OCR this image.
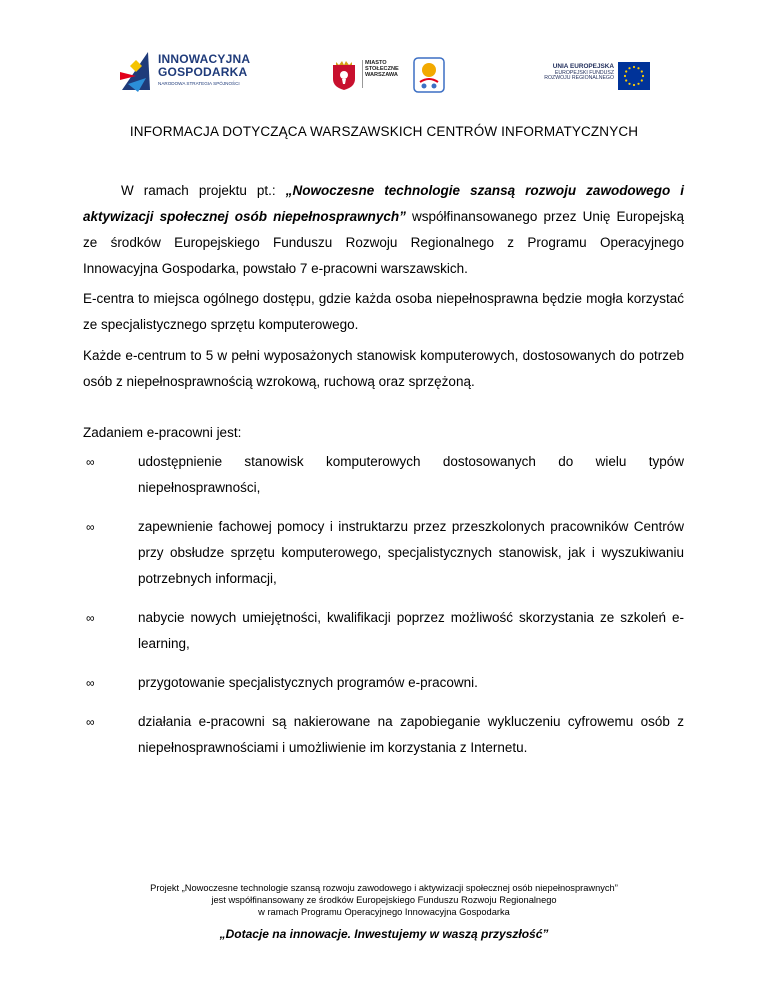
INNOWACYJNA
GOSPODARKA
NARODOWA STRATEGIA SPÓJNOŚCI
MIASTO
STOŁECZNE
WARSZAWA
UNIA EUROPEJSKA
EUROPEJSKI FUNDUSZ
ROZWOJU REGIONALNEGO
INFORMACJA DOTYCZĄCA WARSZAWSKICH CENTRÓW INFORMATYCZNYCH
W ramach projektu pt.: „Nowoczesne technologie szansą rozwoju zawodowego i aktywizacji społecznej osób niepełnosprawnych” współfinansowanego przez Unię Europejską ze środków Europejskiego Funduszu Rozwoju Regionalnego z Programu Operacyjnego Innowacyjna Gospodarka, powstało 7 e-pracowni warszawskich.
E-centra to miejsca ogólnego dostępu, gdzie każda osoba niepełnosprawna będzie mogła korzystać ze specjalistycznego sprzętu komputerowego.
Każde e-centrum to 5 w pełni wyposażonych stanowisk komputerowych, dostosowanych do potrzeb osób z niepełnosprawnością wzrokową, ruchową oraz sprzężoną.
Zadaniem e-pracowni jest:
∞	udostępnienie stanowisk komputerowych dostosowanych do wielu typów niepełnosprawności,
∞	zapewnienie fachowej pomocy i instruktarzu przez przeszkolonych pracowników Centrów przy obsłudze sprzętu komputerowego, specjalistycznych stanowisk, jak i wyszukiwaniu potrzebnych informacji,
∞	nabycie nowych umiejętności, kwalifikacji poprzez możliwość skorzystania ze szkoleń e-learning,
∞	przygotowanie specjalistycznych programów e-pracowni.
∞	działania e-pracowni są nakierowane na zapobieganie wykluczeniu cyfrowemu osób z niepełnosprawnościami i umożliwienie im korzystania z Internetu.
Projekt „Nowoczesne technologie szansą rozwoju zawodowego i aktywizacji społecznej osób niepełnosprawnych”
jest współfinansowany ze środków Europejskiego Funduszu Rozwoju Regionalnego
w ramach Programu Operacyjnego Innowacyjna Gospodarka
„Dotacje na innowacje. Inwestujemy w waszą przyszłość”
